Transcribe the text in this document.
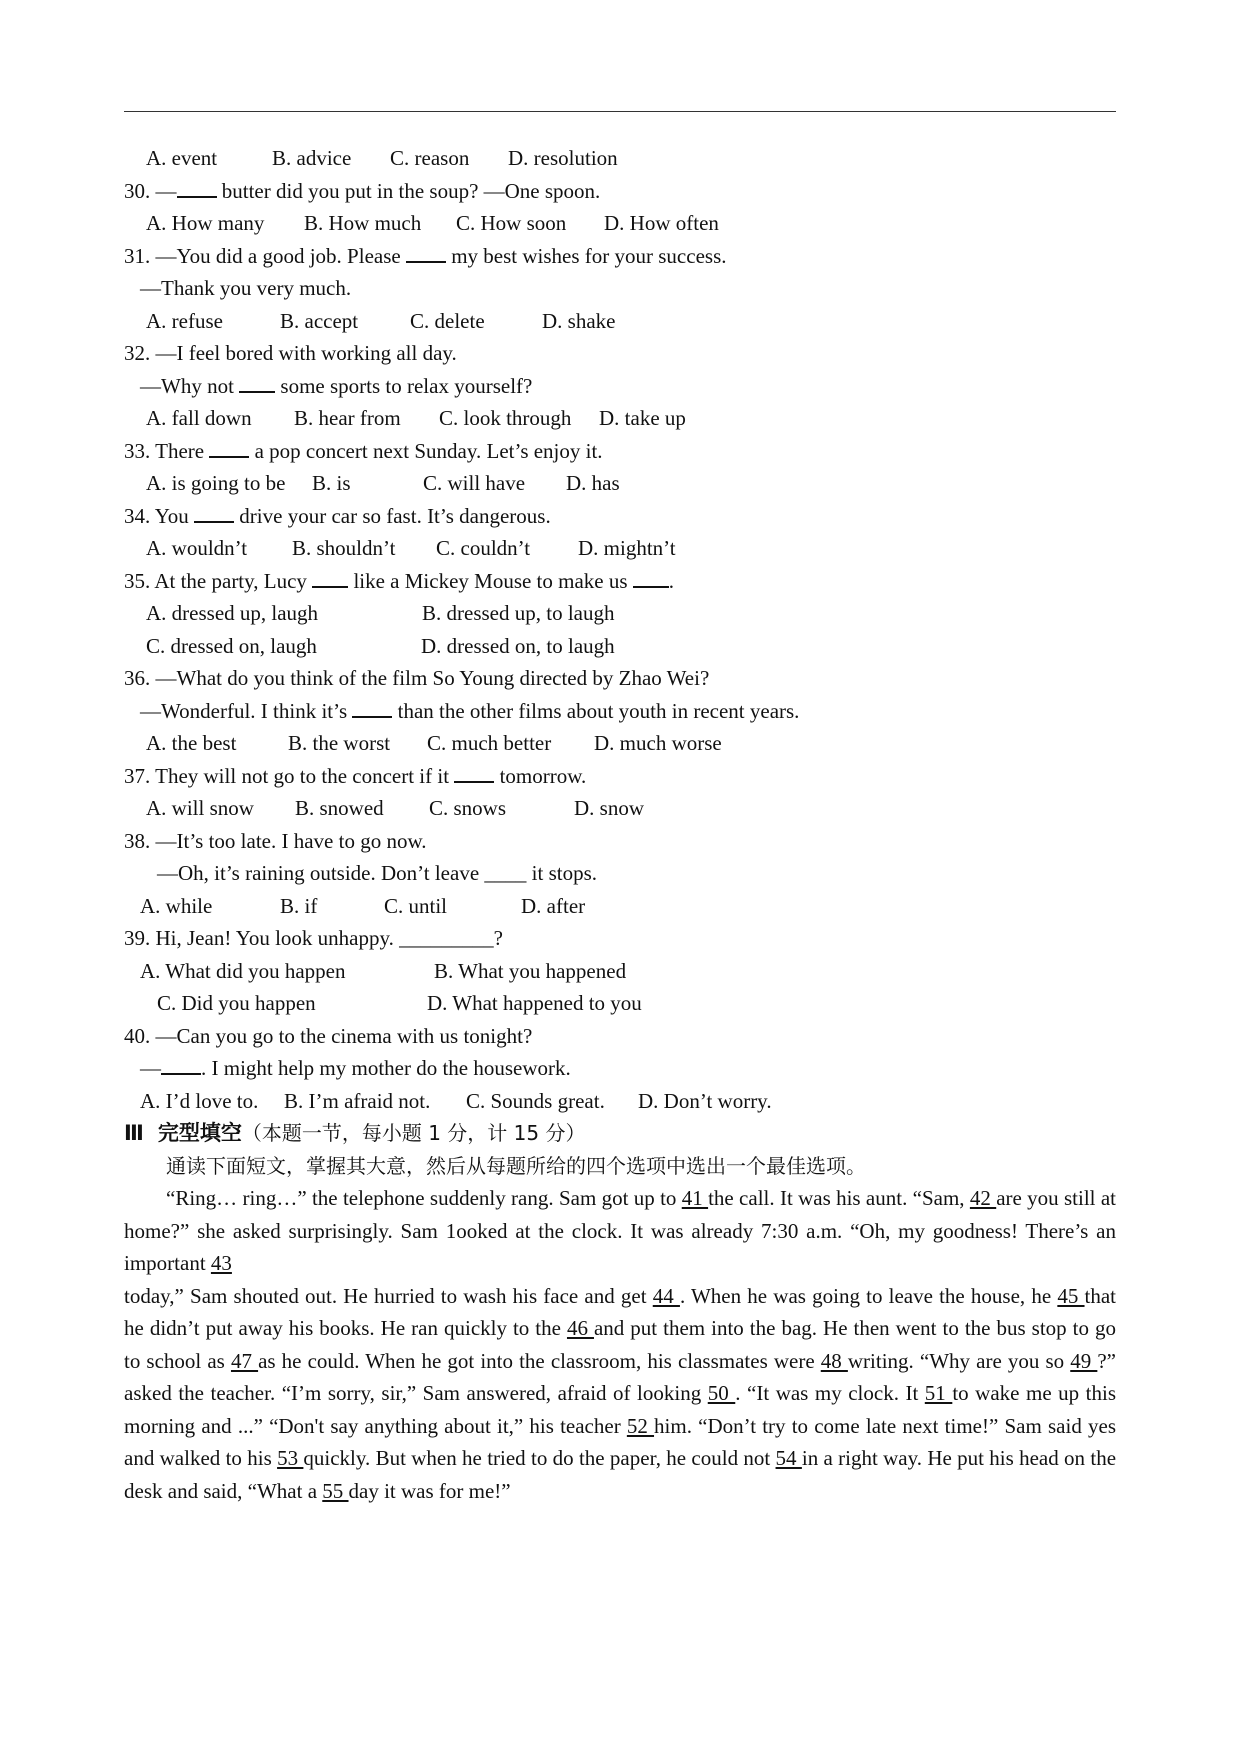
A. event	B. advice C. reason D. resolution
30. — butter did you put in the soup? —One spoon.
A. How many B. How much C. How soon D. How often
31. —You did a good job. Please  my best wishes for your success.
—Thank you very much.
A. refuse	B. accept C. delete	D. shake
32. —I feel bored with working all day.
—Why not  some sports to relax yourself?
A. fall down B. hear from C. look through D. take up
33. There  a pop concert next Sunday. Let’s enjoy it.
A. is going to be B. is	C. will have D. has
34. You  drive your car so fast. It’s dangerous.
A. wouldn’t B. shouldn’t C. couldn’t D. mightn’t
35. At the party, Lucy  like a Mickey Mouse to make us .
A. dressed up, laugh	B. dressed up, to laugh
C. dressed on, laugh	D. dressed on, to laugh
36. —What do you think of the film So Young directed by Zhao Wei?
—Wonderful. I think it’s  than the other films about youth in recent years.
A. the best B. the worst C. much better D. much worse
37. They will not go to the concert if it  tomorrow.
A. will snow B. snowed C. snows	D. snow
38. —It’s too late. I have to go now.
—Oh, it’s raining outside. Don’t leave ____ it stops.
A. while	B. if	C. until	D. after
39. Hi, Jean! You look unhappy. _________?
A. What did you happen	B. What you happened
C. Did you happen	D. What happened to you
40. —Can you go to the cinema with us tonight?
— . I might help my mother do the housework.
A. I’d love to. B. I’m afraid not. C. Sounds great. D. Don’t worry.
Ⅲ 完型填空（本题一节，每小题 1 分，计 15 分）
通读下面短文，掌握其大意，然后从每题所给的四个选项中选出一个最佳选项。
“Ring… ring…” the telephone suddenly rang. Sam got up to 41 the call. It was his aunt. “Sam, 42 are you still at home?” she asked surprisingly. Sam 1ooked at the clock. It was already 7:30 a.m. “Oh, my goodness! There’s an important 43
today,” Sam shouted out. He hurried to wash his face and get 44 . When he was going to leave the house, he 45 that he didn’t put away his books. He ran quickly to the 46 and put them into the bag. He then went to the bus stop to go to school as 47 as he could. When he got into the classroom, his classmates were 48 writing. “Why are you so 49 ?” asked the teacher. “I’m sorry, sir,” Sam answered, afraid of looking 50 . “It was my clock. It 51 to wake me up this morning and ...” “Don't say anything about it,” his teacher 52 him. “Don’t try to come late next time!” Sam said yes and walked to his 53 quickly. But when he tried to do the paper, he could not 54 in a right way. He put his head on the desk and said, “What a 55 day it was for me!”
